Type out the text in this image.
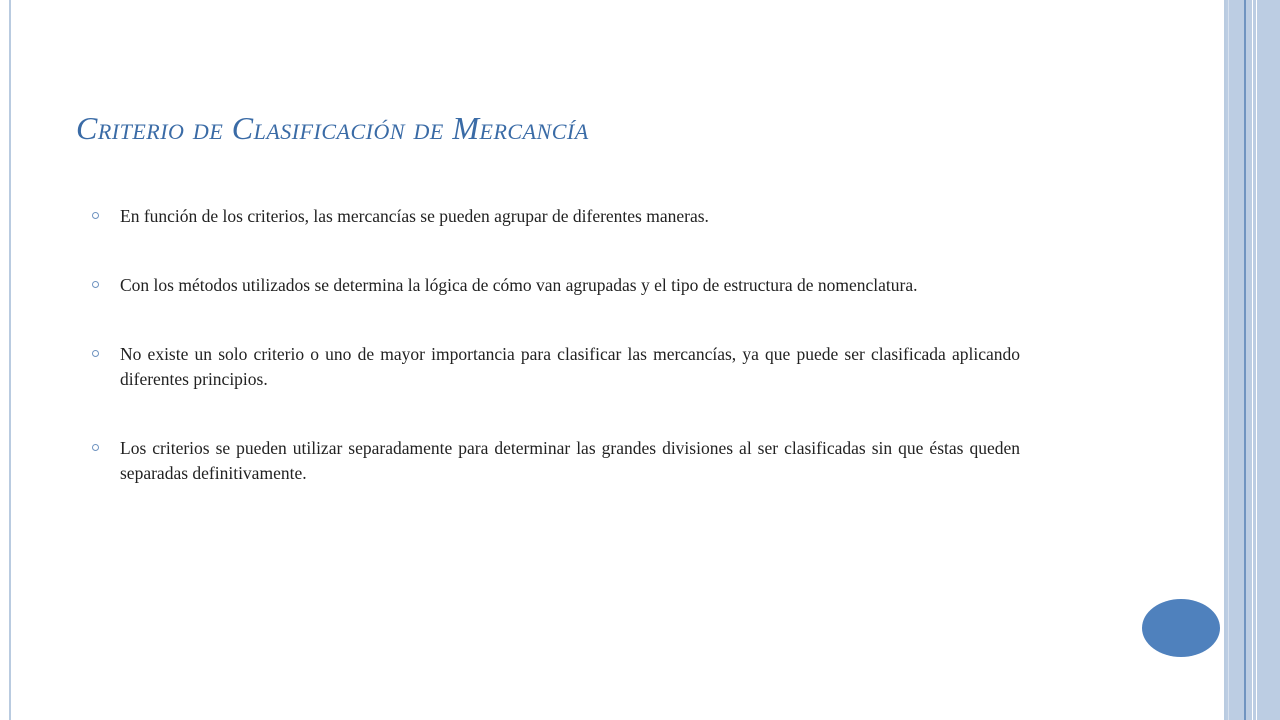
Criterio de Clasificación de Mercancía
En función de los criterios, las mercancías se pueden agrupar de diferentes maneras.
Con los métodos utilizados se determina la lógica de cómo van agrupadas y el tipo de estructura de nomenclatura.
No existe un solo criterio o uno de mayor importancia para clasificar las mercancías, ya que puede ser clasificada aplicando diferentes principios.
Los criterios se pueden utilizar separadamente para determinar las grandes divisiones al ser clasificadas sin que éstas queden separadas definitivamente.
